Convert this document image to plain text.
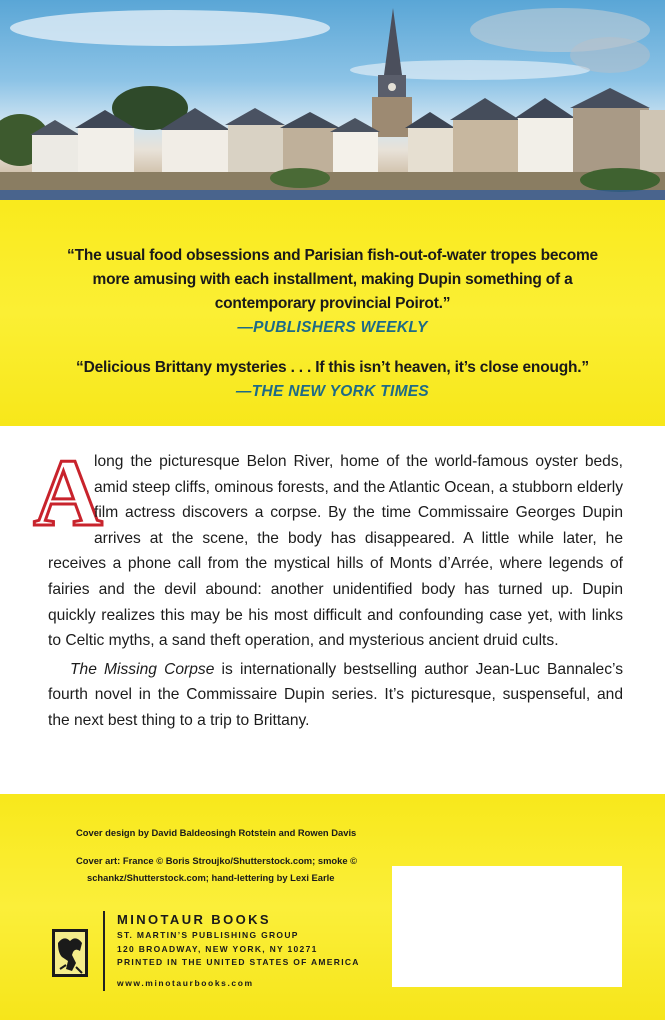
“The usual food obsessions and Parisian fish-out-of-water tropes become more amusing with each installment, making Dupin something of a contemporary provincial Poirot.”
—PUBLISHERS WEEKLY
“Delicious Brittany mysteries . . . If this isn’t heaven, it’s close enough.”
—THE NEW YORK TIMES

A
long the picturesque Belon River, home of the world-famous oyster beds, amid steep cliffs, ominous forests, and the Atlantic Ocean, a stubborn elderly film actress discovers a corpse. By the time Commissaire Georges Dupin arrives at the scene, the body has disappeared. A little while later, he receives a phone call from the mystical hills of Monts d’Arrée, where legends of fairies and the devil abound: another unidentified body has turned up. Dupin quickly realizes this may be his most difficult and confounding case yet, with links to Celtic myths, a sand theft operation, and mysterious ancient druid cults.

The Missing Corpse is internationally bestselling author Jean-Luc Bannalec’s fourth novel in the Commissaire Dupin series. It’s picturesque, suspenseful, and the next best thing to a trip to Brittany.

Cover design by David Baldeosingh Rotstein and Rowen Davis
Cover art: France © Boris Stroujko/Shutterstock.com; smoke ©
schankz/Shutterstock.com; hand-lettering by Lexi Earle
MINOTAUR BOOKS
ST. MARTIN’S PUBLISHING GROUP
120 BROADWAY, NEW YORK, NY 10271
PRINTED IN THE UNITED STATES OF AMERICA
www.minotaurbooks.com
